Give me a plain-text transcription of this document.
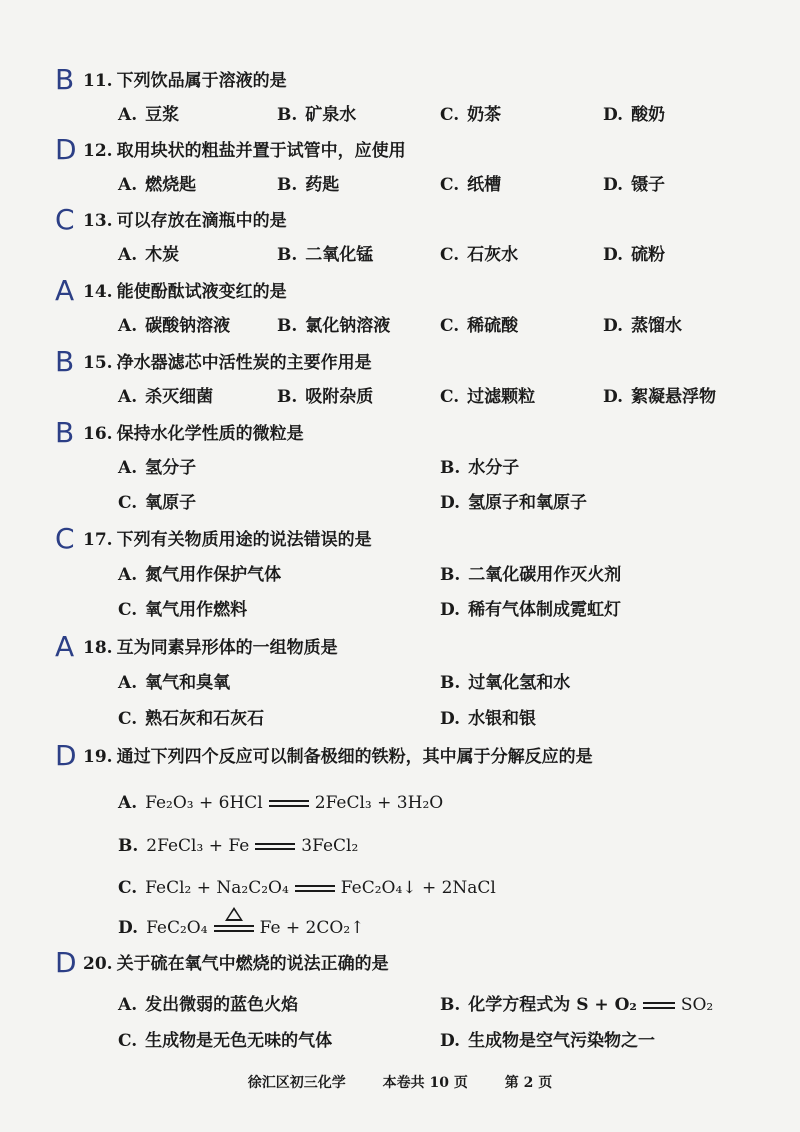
B 11. 下列饮品属于溶液的是
A. 豆浆	B. 矿泉水	C. 奶茶	D. 酸奶
D 12. 取用块状的粗盐并置于试管中，应使用
A. 燃烧匙	B. 药匙	C. 纸槽	D. 镊子
C 13. 可以存放在滴瓶中的是
A. 木炭	B. 二氧化锰	C. 石灰水	D. 硫粉
A 14. 能使酚酞试液变红的是
A. 碳酸钠溶液	B. 氯化钠溶液	C. 稀硫酸	D. 蒸馏水
B 15. 净水器滤芯中活性炭的主要作用是
A. 杀灭细菌	B. 吸附杂质	C. 过滤颗粒	D. 絮凝悬浮物
B 16. 保持水化学性质的微粒是
A. 氢分子	B. 水分子
C. 氧原子	D. 氢原子和氧原子
C 17. 下列有关物质用途的说法错误的是
A. 氮气用作保护气体	B. 二氧化碳用作灭火剂
C. 氧气用作燃料	D. 稀有气体制成霓虹灯
A 18. 互为同素异形体的一组物质是
A. 氧气和臭氧	B. 过氧化氢和水
C. 熟石灰和石灰石	D. 水银和银
D 19. 通过下列四个反应可以制备极细的铁粉，其中属于分解反应的是
A. Fe₂O₃ + 6HCl	2FeCl₃ + 3H₂O
B. 2FeCl₃ + Fe	3FeCl₂
C. FeCl₂ + Na₂C₂O₄	FeC₂O₄↓ + 2NaCl
D. FeC₂O₄	Fe + 2CO₂↑
D 20. 关于硫在氧气中燃烧的说法正确的是
A. 发出微弱的蓝色火焰	B. 化学方程式为 S + O₂	SO₂
C. 生成物是无色无味的气体	D. 生成物是空气污染物之一
徐汇区初三化学	本卷共 10 页	第 2 页
